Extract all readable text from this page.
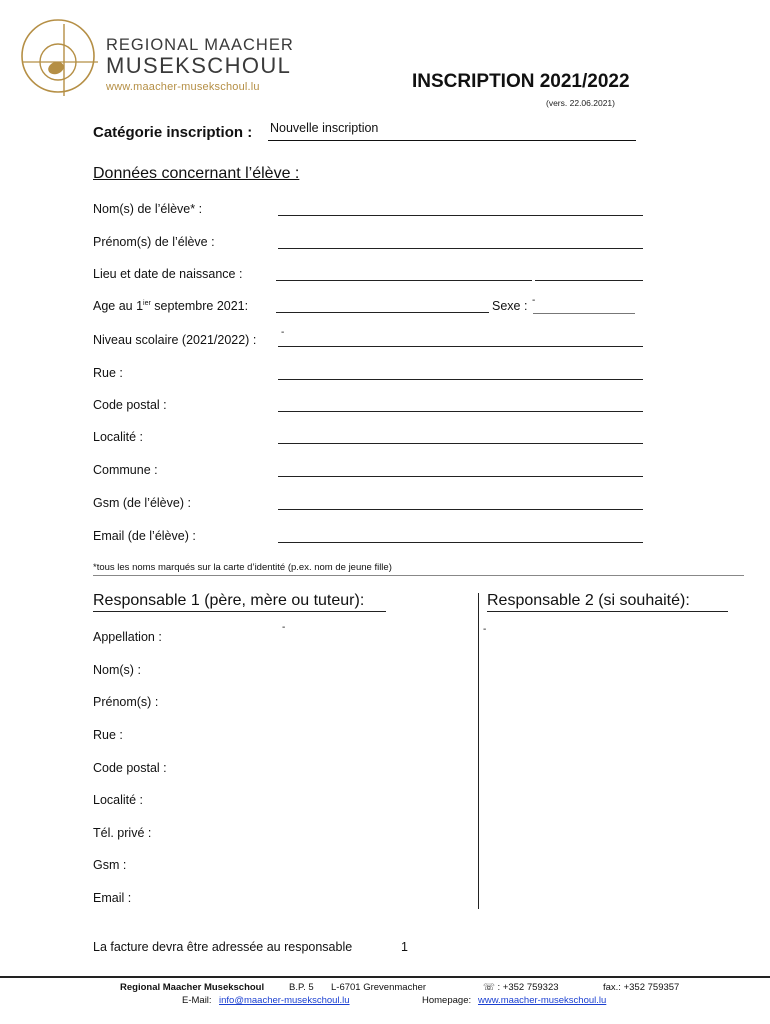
REGIONAL MAACHER
MUSEKSCHOUL
www.maacher-musekschoul.lu	INSCRIPTION 2021/2022
(vers. 22.06.2021)
Catégorie inscription : Nouvelle inscription
Données concernant l’élève :
Nom(s) de l’élève* :
Prénom(s) de l’élève :
Lieu et date de naissance :
Age au $1^{ier}$ septembre 2021:	Sexe : -
Niveau scolaire (2021/2022) :
-
Rue :
Code postal :
Localité :
Commune :
Gsm (de l’élève) :
Email (de l’élève) :
*tous les noms marqués sur la carte d’identité (p.ex. nom de jeune fille)
Responsable 1 (père, mère ou tuteur):	Responsable 2 (si souhaité):
Appellation :
-	-
Nom(s) :
Prénom(s) :
Rue :
Code postal :
Localité :
Tél. privé :
Gsm :
Email :
La facture devra être adressée au responsable	1
Regional Maacher Musekschoul	B.P. 5 L-6701 Grevenmacher	☏ : +352 759323	fax.: +352 759357
E-Mail: info@maacher-musekschoul.lu	Homepage: www.maacher-musekschoul.lu
